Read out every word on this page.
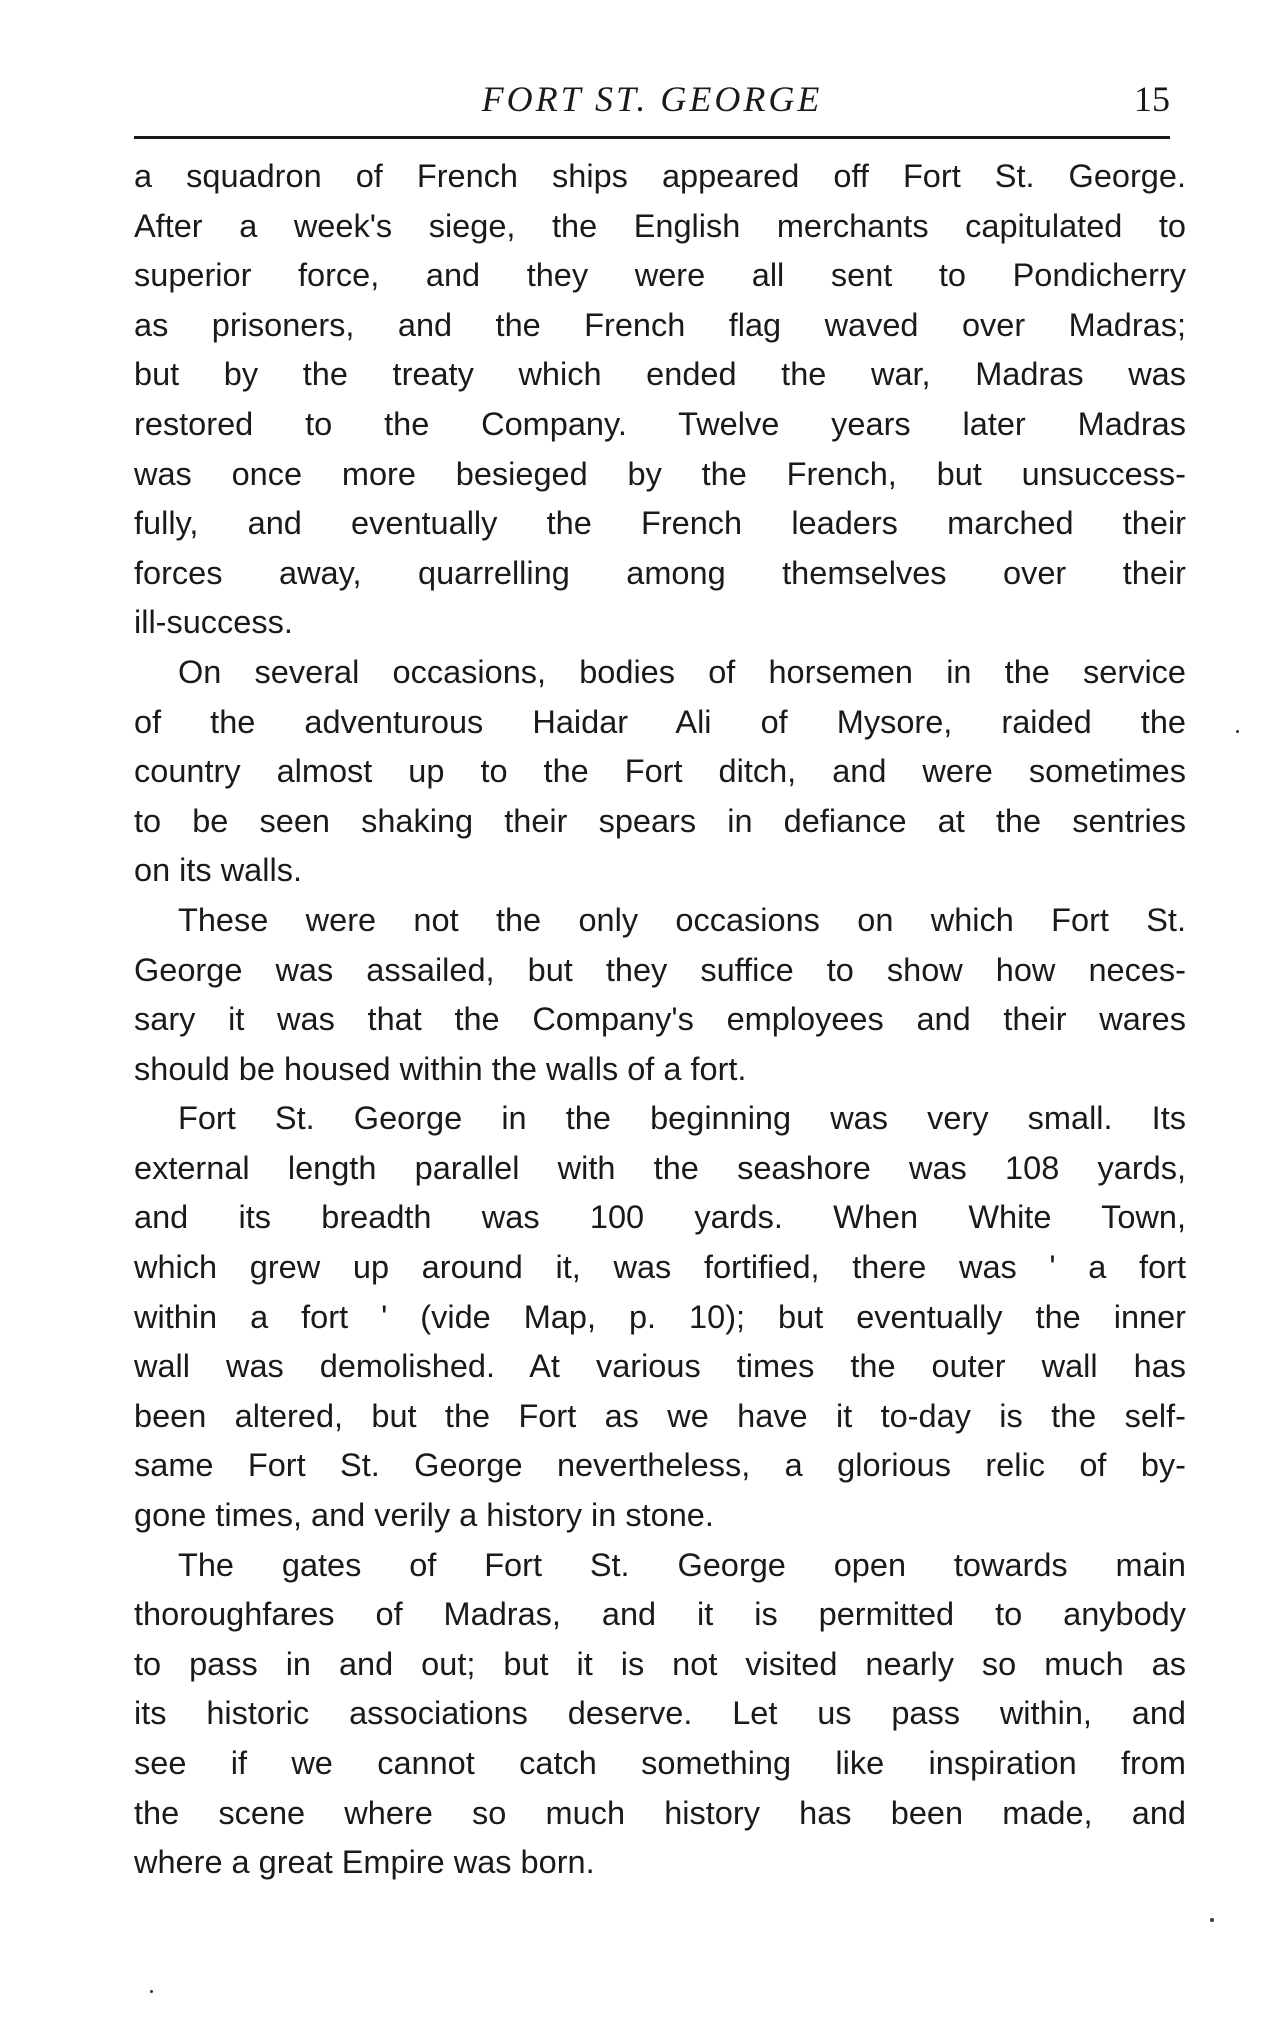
FORT ST. GEORGE	15

a squadron of French ships appeared off Fort St. George.
After a week's siege, the English merchants capitulated to
superior force, and they were all sent to Pondicherry
as prisoners, and the French flag waved over Madras;
but by the treaty which ended the war, Madras was
restored to the Company. Twelve years later Madras
was once more besieged by the French, but unsuccess-
fully, and eventually the French leaders marched their
forces away, quarrelling among themselves over their
ill-success.

On several occasions, bodies of horsemen in the service
of the adventurous Haidar Ali of Mysore, raided the
country almost up to the Fort ditch, and were sometimes
to be seen shaking their spears in defiance at the sentries
on its walls.

These were not the only occasions on which Fort St.
George was assailed, but they suffice to show how neces-
sary it was that the Company's employees and their wares
should be housed within the walls of a fort.

Fort St. George in the beginning was very small. Its
external length parallel with the seashore was 108 yards,
and its breadth was 100 yards. When White Town,
which grew up around it, was fortified, there was ' a fort
within a fort ' (vide Map, p. 10); but eventually the inner
wall was demolished. At various times the outer wall has
been altered, but the Fort as we have it to-day is the self-
same Fort St. George nevertheless, a glorious relic of by-
gone times, and verily a history in stone.

The gates of Fort St. George open towards main
thoroughfares of Madras, and it is permitted to anybody
to pass in and out; but it is not visited nearly so much as
its historic associations deserve. Let us pass within, and
see if we cannot catch something like inspiration from
the scene where so much history has been made, and
where a great Empire was born.
